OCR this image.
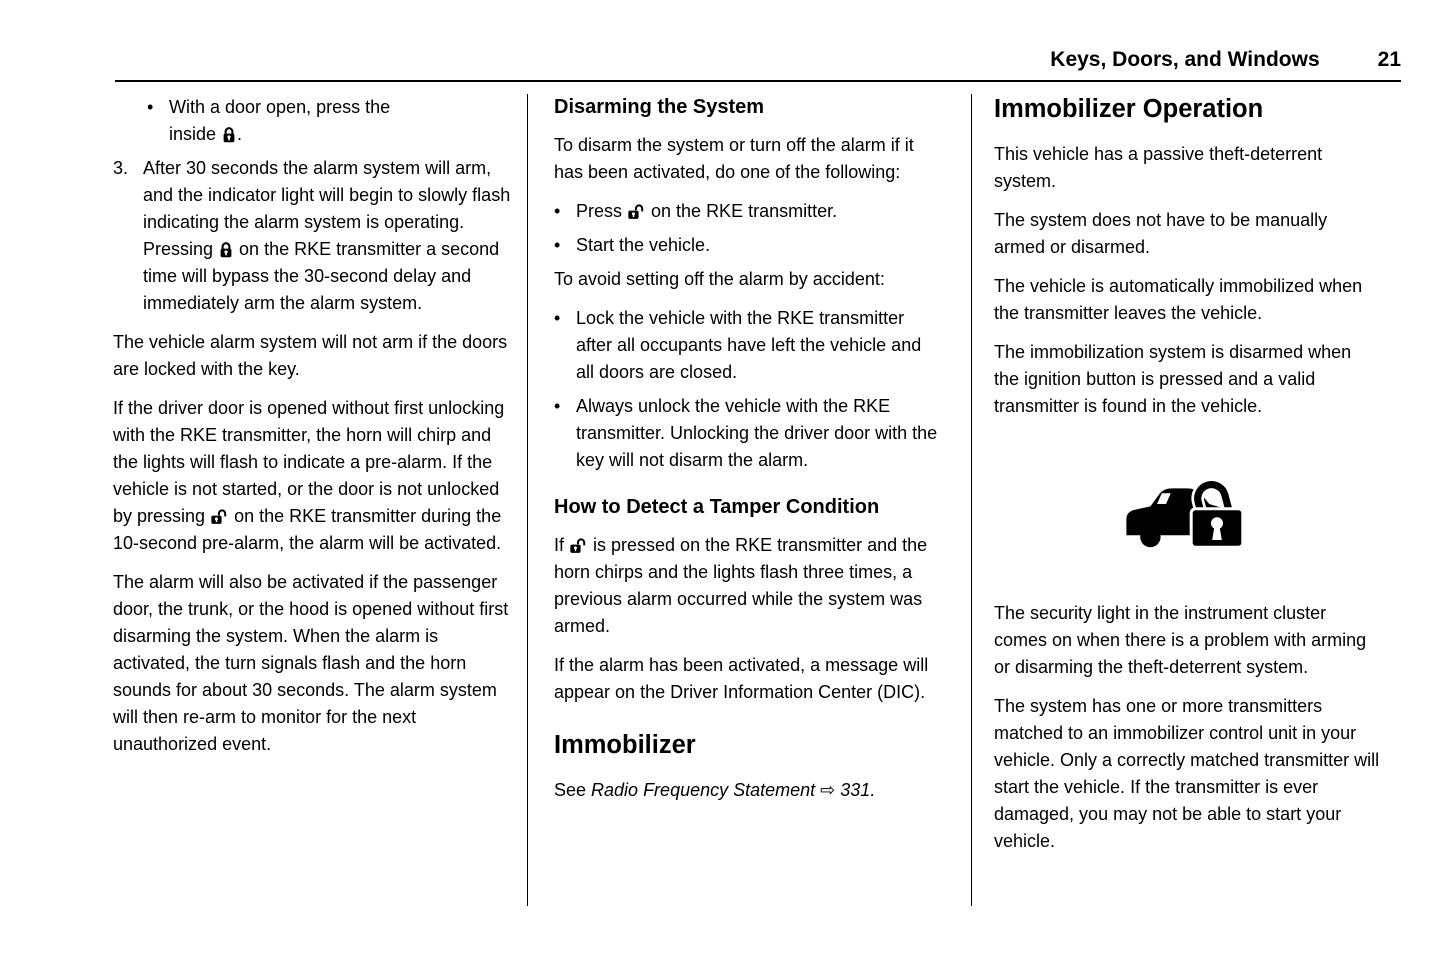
Keys, Doors, and Windows	21
• With a door open, press the inside .
3. After 30 seconds the alarm system will arm, and the indicator light will begin to slowly flash indicating the alarm system is operating. Pressing  on the RKE transmitter a second time will bypass the 30-second delay and immediately arm the alarm system.

The vehicle alarm system will not arm if the doors are locked with the key.

If the driver door is opened without first unlocking with the RKE transmitter, the horn will chirp and the lights will flash to indicate a pre-alarm. If the vehicle is not started, or the door is not unlocked by pressing  on the RKE transmitter during the 10-second pre-alarm, the alarm will be activated.

The alarm will also be activated if the passenger door, the trunk, or the hood is opened without first disarming the system. When the alarm is activated, the turn signals flash and the horn sounds for about 30 seconds. The alarm system will then re-arm to monitor for the next unauthorized event.

Disarming the System

To disarm the system or turn off the alarm if it has been activated, do one of the following:

• Press  on the RKE transmitter.
• Start the vehicle.

To avoid setting off the alarm by accident:

• Lock the vehicle with the RKE transmitter after all occupants have left the vehicle and all doors are closed.
• Always unlock the vehicle with the RKE transmitter. Unlocking the driver door with the key will not disarm the alarm.
How to Detect a Tamper Condition

If  is pressed on the RKE transmitter and the horn chirps and the lights flash three times, a previous alarm occurred while the system was armed.

If the alarm has been activated, a message will appear on the Driver Information Center (DIC).

Immobilizer

See Radio Frequency Statement ⇨ 331.

Immobilizer Operation

This vehicle has a passive theft-deterrent system.

The system does not have to be manually armed or disarmed.

The vehicle is automatically immobilized when the transmitter leaves the vehicle.

The immobilization system is disarmed when the ignition button is pressed and a valid transmitter is found in the vehicle.

The security light in the instrument cluster comes on when there is a problem with arming or disarming the theft-deterrent system.

The system has one or more transmitters matched to an immobilizer control unit in your vehicle. Only a correctly matched transmitter will start the vehicle. If the transmitter is ever damaged, you may not be able to start your vehicle.
